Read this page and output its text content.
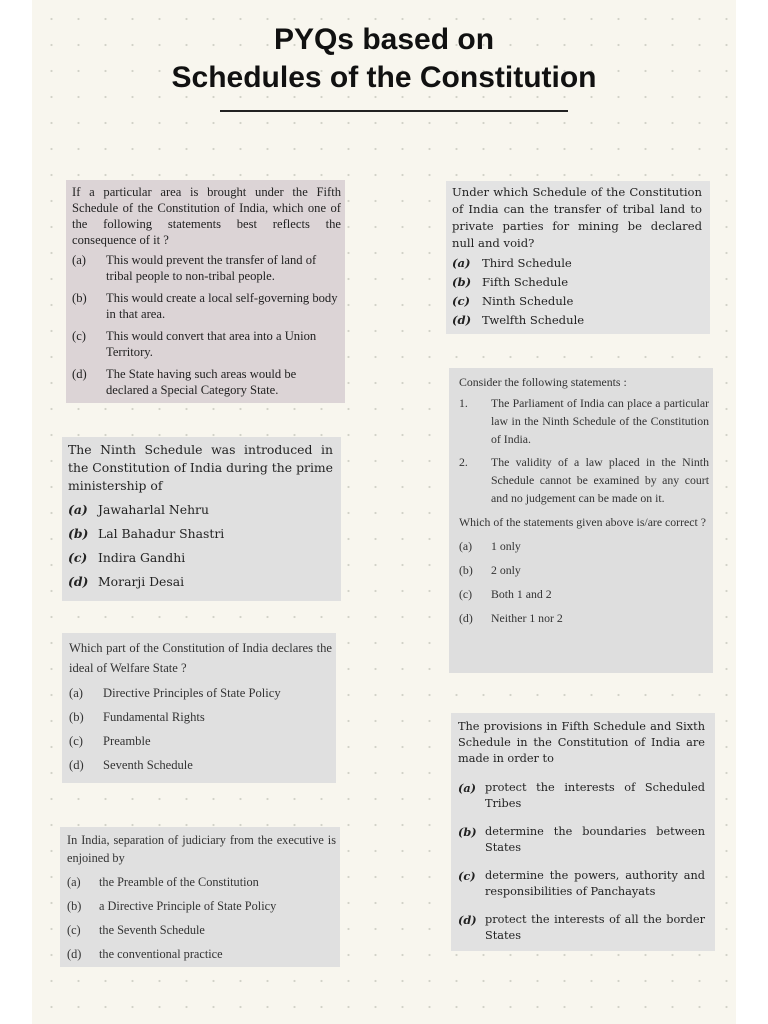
PYQs based on
Schedules of the Constitution

If a particular area is brought under the Fifth Schedule of the Constitution of India, which one of the following statements best reflects the consequence of it ?

(a)	This would prevent the transfer of land of tribal people to non-tribal people.
(b)	This would create a local self-governing body in that area.
(c)	This would convert that area into a Union Territory.
(d)	The State having such areas would be declared a Special Category State.

Under which Schedule of the Constitution of India can the transfer of tribal land to private parties for mining be declared null and void?

(a) Third Schedule
(b) Fifth Schedule
(c)	Ninth Schedule
(d) Twelfth Schedule

The Ninth Schedule was introduced in the Constitution of India during the prime ministership of

(a) Jawaharlal Nehru
(b) Lal Bahadur Shastri
(c) Indira Gandhi
(d) Morarji Desai

Consider the following statements :

1.	The Parliament of India can place a particular law in the Ninth Schedule of the Constitution of India.
2.	The validity of a law placed in the Ninth Schedule cannot be examined by any court and no judgement can be made on it.

Which of the statements given above is/are correct ?

(a)	1 only
(b)	2 only
(c)	Both 1 and 2
(d)	Neither 1 nor 2

Which part of the Constitution of India declares the ideal of Welfare State ?

(a)	Directive Principles of State Policy
(b)	Fundamental Rights
(c)	Preamble
(d)	Seventh Schedule

The provisions in Fifth Schedule and Sixth Schedule in the Constitution of India are made in order to

(a) protect the interests of Scheduled Tribes
(b) determine the boundaries between States
(c) determine the powers, authority and responsibilities of Panchayats
(d) protect the interests of all the border States

In India, separation of judiciary from the executive is enjoined by

(a)	the Preamble of the Constitution
(b)	a Directive Principle of State Policy
(c)	the Seventh Schedule
(d)	the conventional practice
